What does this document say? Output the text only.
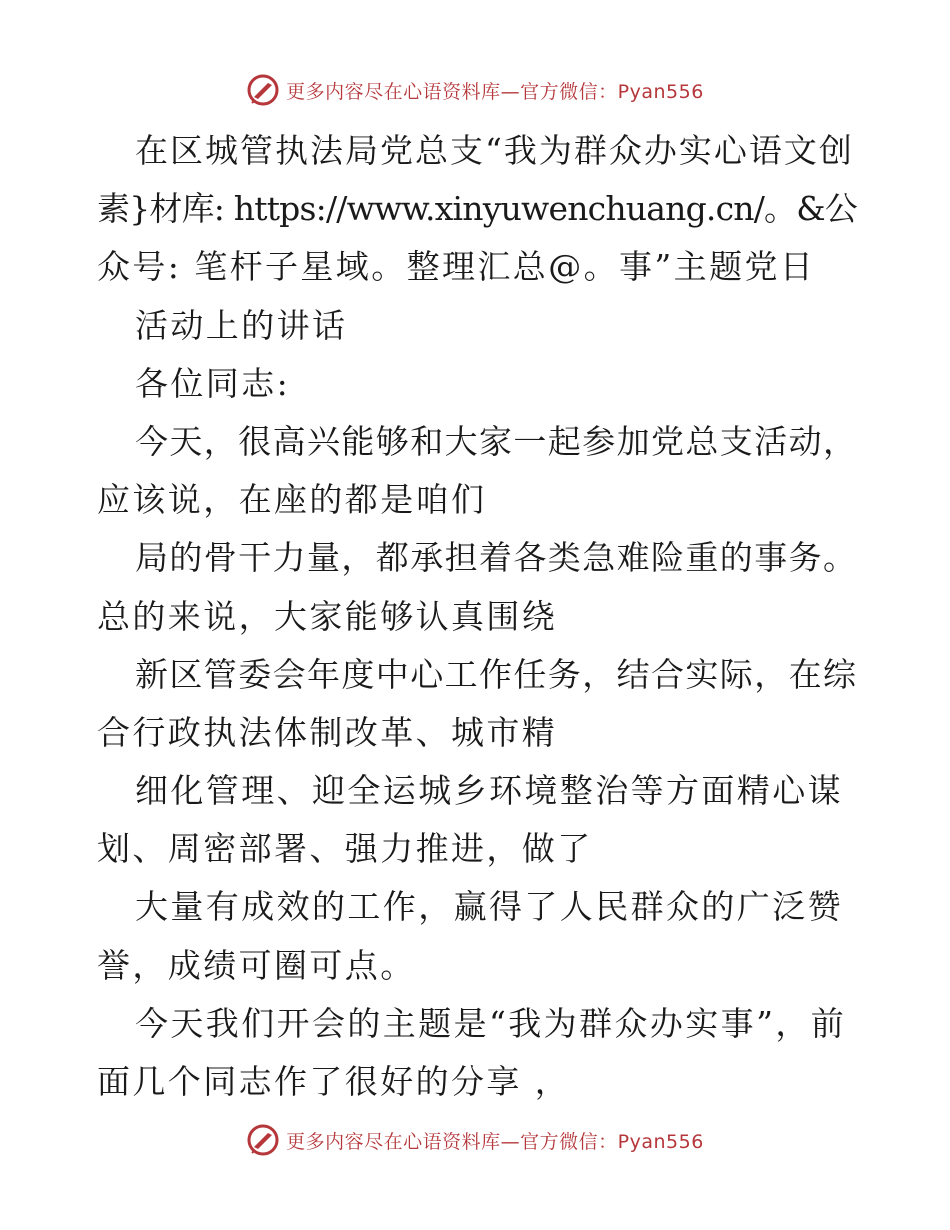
更多内容尽在心语资料库—官方微信：Pyan556
在区城管执法局党总支“我为群众办实心语文创
素}材库: https://www.xinyuwenchuang.cn/。&公
众号: 笔杆子星域。整理汇总@。事”主题党日
活动上的讲话
各位同志:
今天，很高兴能够和大家一起参加党总支活动，
应该说，在座的都是咱们
局的骨干力量，都承担着各类急难险重的事务。
总的来说，大家能够认真围绕
新区管委会年度中心工作任务，结合实际，在综
合行政执法体制改革、城市精
细化管理、迎全运城乡环境整治等方面精心谋
划、周密部署、强力推进，做了
大量有成效的工作，赢得了人民群众的广泛赞
誉，成绩可圈可点。
今天我们开会的主题是“我为群众办实事”，前
面几个同志作了很好的分享 ，
更多内容尽在心语资料库—官方微信：Pyan556
